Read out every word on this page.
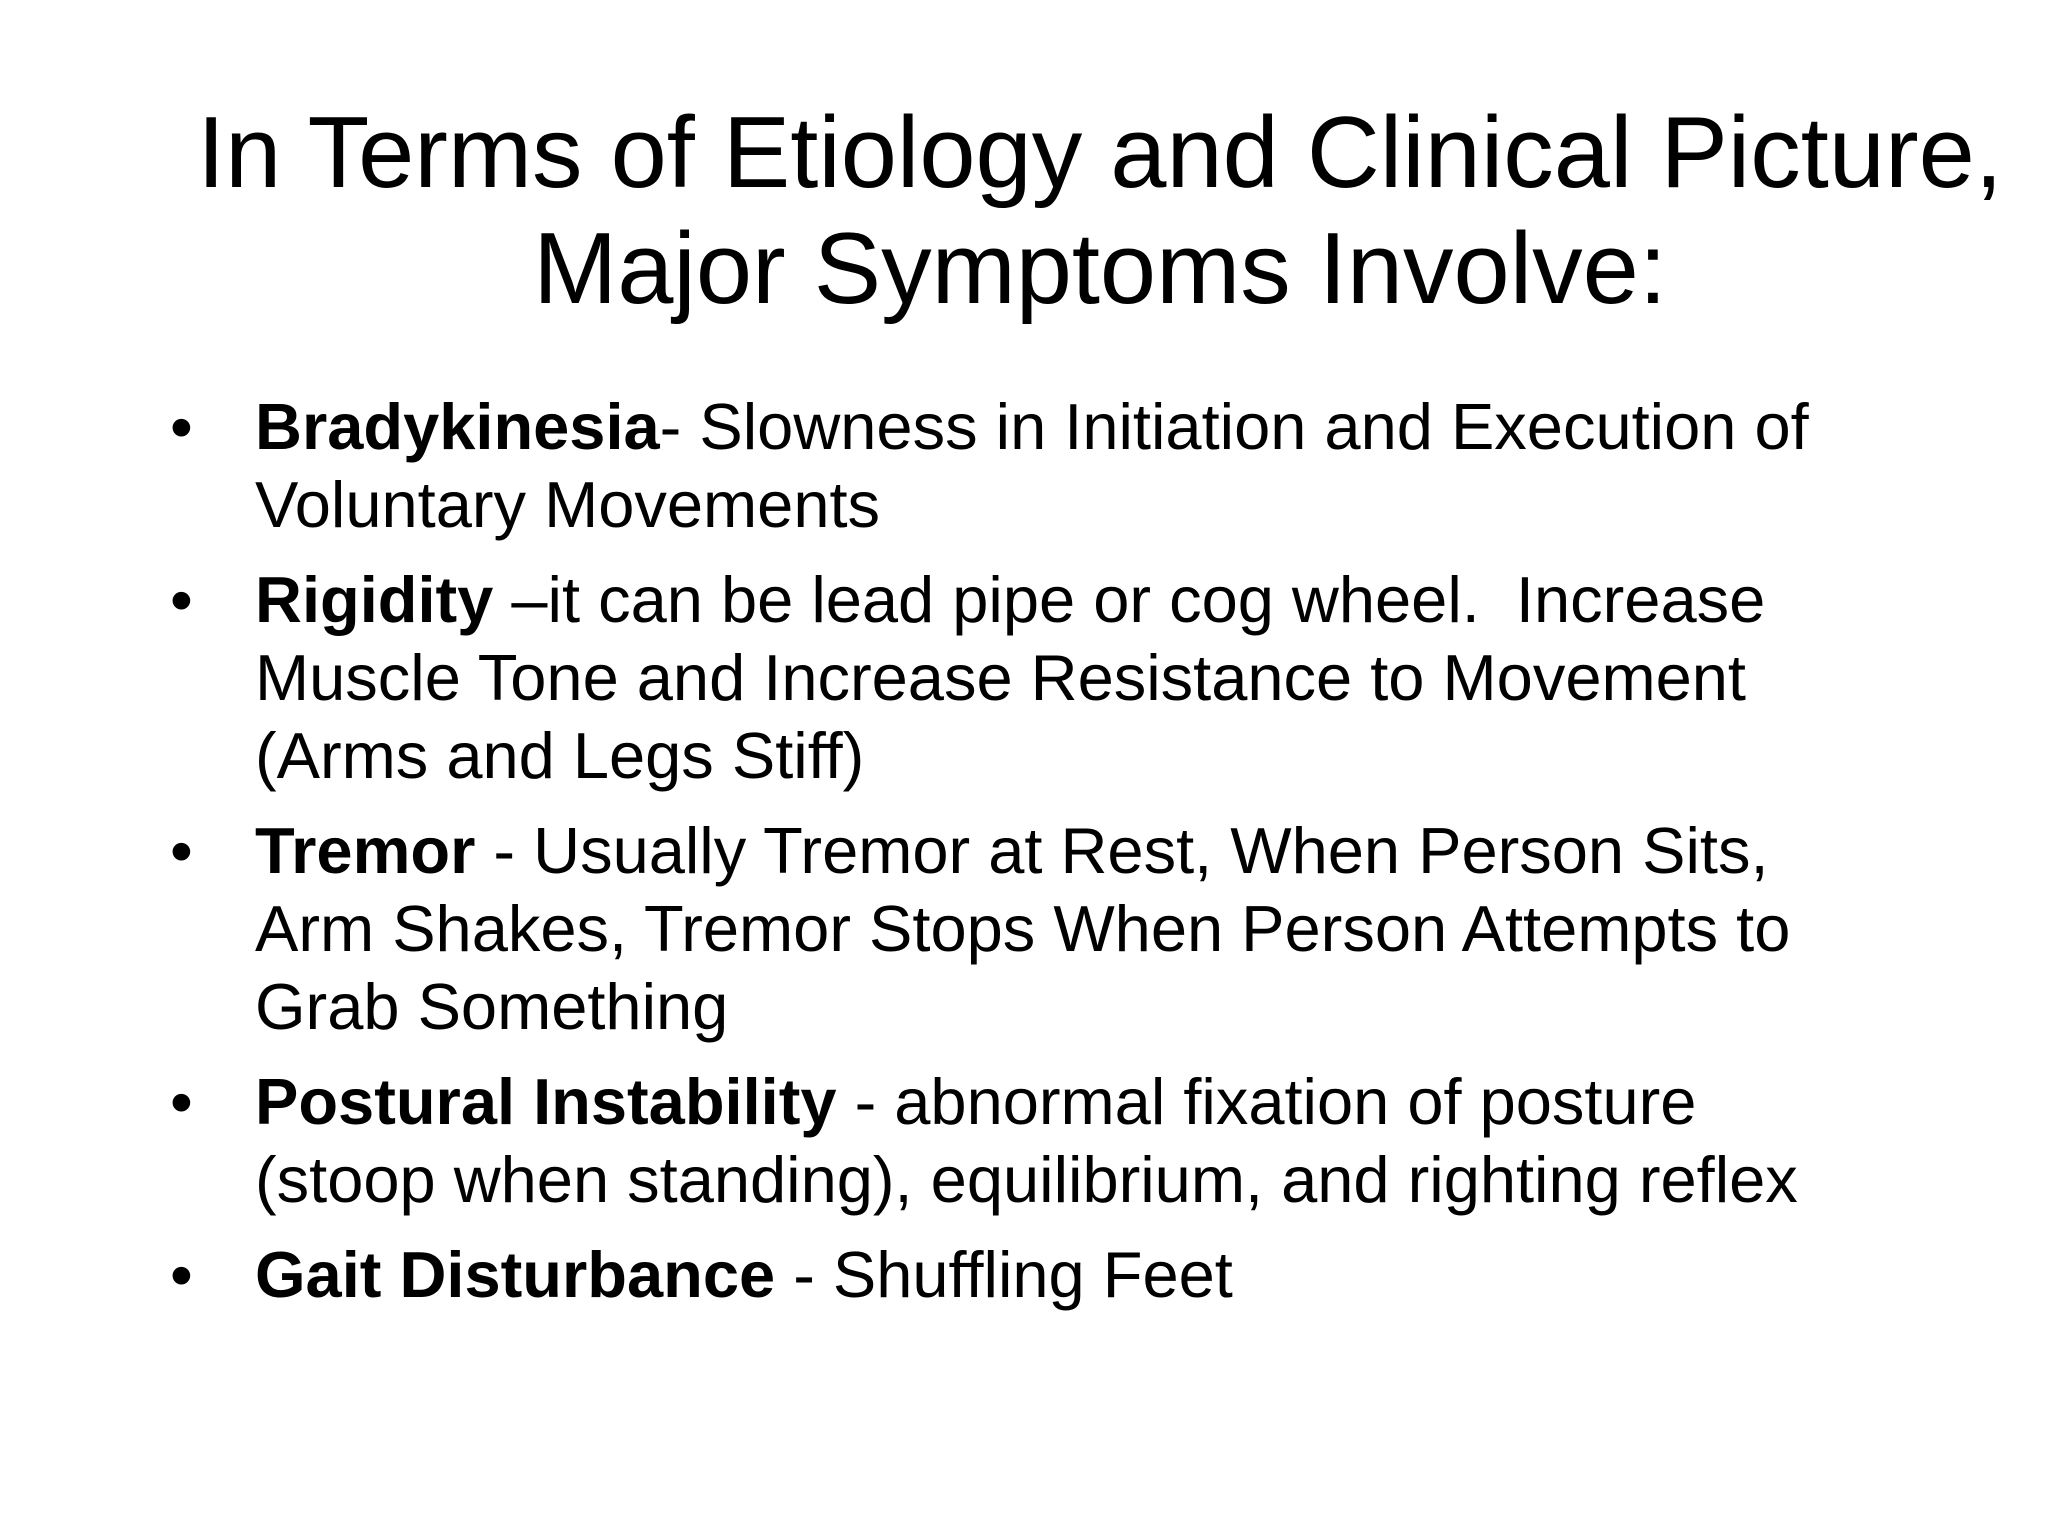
In Terms of Etiology and Clinical Picture,
Major Symptoms Involve:
• Bradykinesia- Slowness in Initiation and Execution of
Voluntary Movements
• Rigidity –it can be lead pipe or cog wheel.  Increase
Muscle Tone and Increase Resistance to Movement
(Arms and Legs Stiff)
• Tremor - Usually Tremor at Rest, When Person Sits,
Arm Shakes, Tremor Stops When Person Attempts to
Grab Something
• Postural Instability - abnormal fixation of posture
(stoop when standing), equilibrium, and righting reflex
• Gait Disturbance - Shuffling Feet
